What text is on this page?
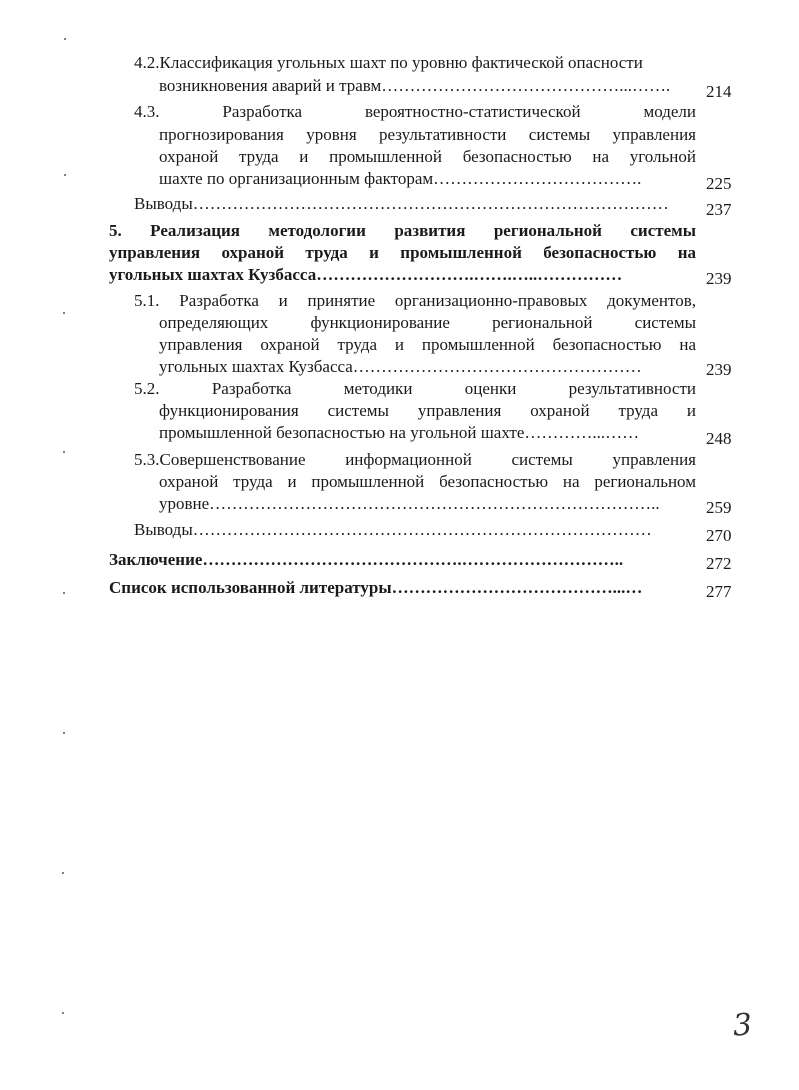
4.2.Классификация угольных шахт по уровню фактической опасности
возникновения аварий и травм……………………………………...……. 214
4.3. Разработка вероятностно-статистической модели
прогнозирования уровня результативности системы управления
охраной труда и промышленной безопасностью на угольной
шахте по организационным факторам……………………………….	225
Выводы………………………………………………………………………… 237
5. Реализация методологии развития региональной системы
управления охраной труда и промышленной безопасностью на
угольных шахтах Кузбасса……………………….…….…..……………	239
5.1. Разработка и принятие организационно-правовых документов,
определяющих функционирование региональной системы
управления охраной труда и промышленной безопасностью на
угольных шахтах Кузбасса……………………………………………	239
5.2. Разработка методики оценки результативности
функционирования системы управления охраной труда и
промышленной безопасностью на угольной шахте…………...……	248
5.3.Совершенствование информационной системы управления
охраной труда и промышленной безопасностью на региональном
уровне……………………………………………………………………..	259
Выводы………………………………………………………………………	270
Заключение……………………………………….………………………..	272
Список использованной литературы…………………………………...…	277
3
